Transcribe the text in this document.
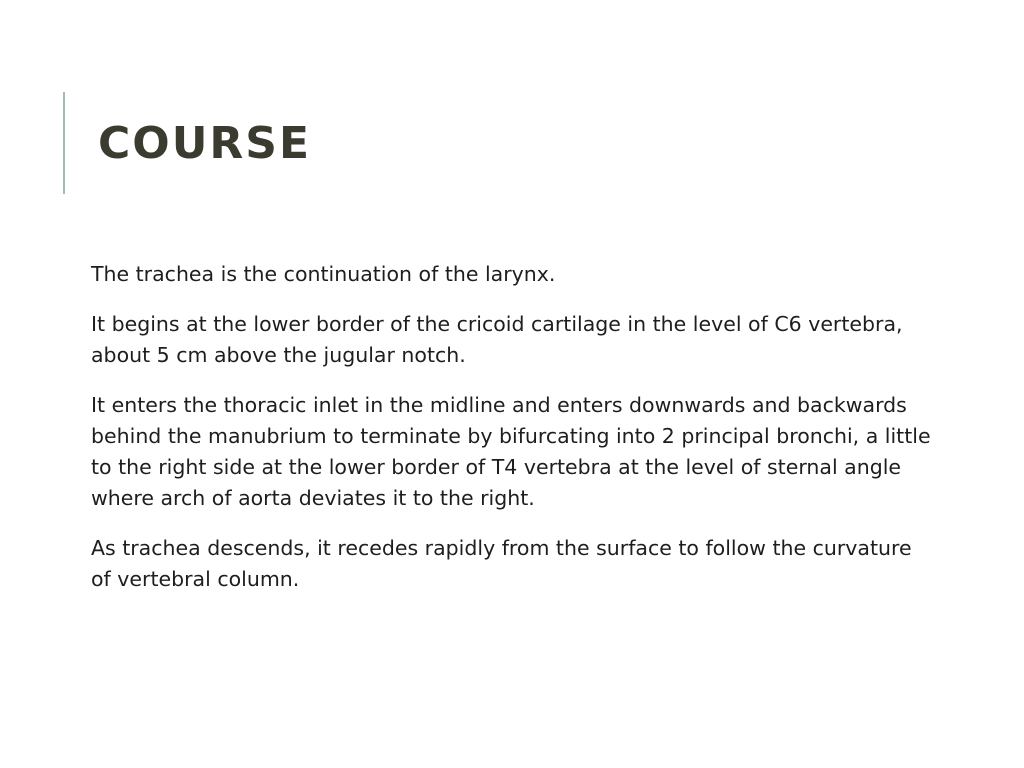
COURSE

The trachea is the continuation of the larynx.

It begins at the lower border of the cricoid cartilage in the level of C6 vertebra, about 5 cm above the jugular notch.

It enters the thoracic inlet in the midline and enters downwards and backwards behind the manubrium to terminate by bifurcating into 2 principal bronchi, a little to the right side at the lower border of T4 vertebra at the level of sternal angle where arch of aorta deviates it to the right.

As trachea descends, it recedes rapidly from the surface to follow the curvature of vertebral column.
